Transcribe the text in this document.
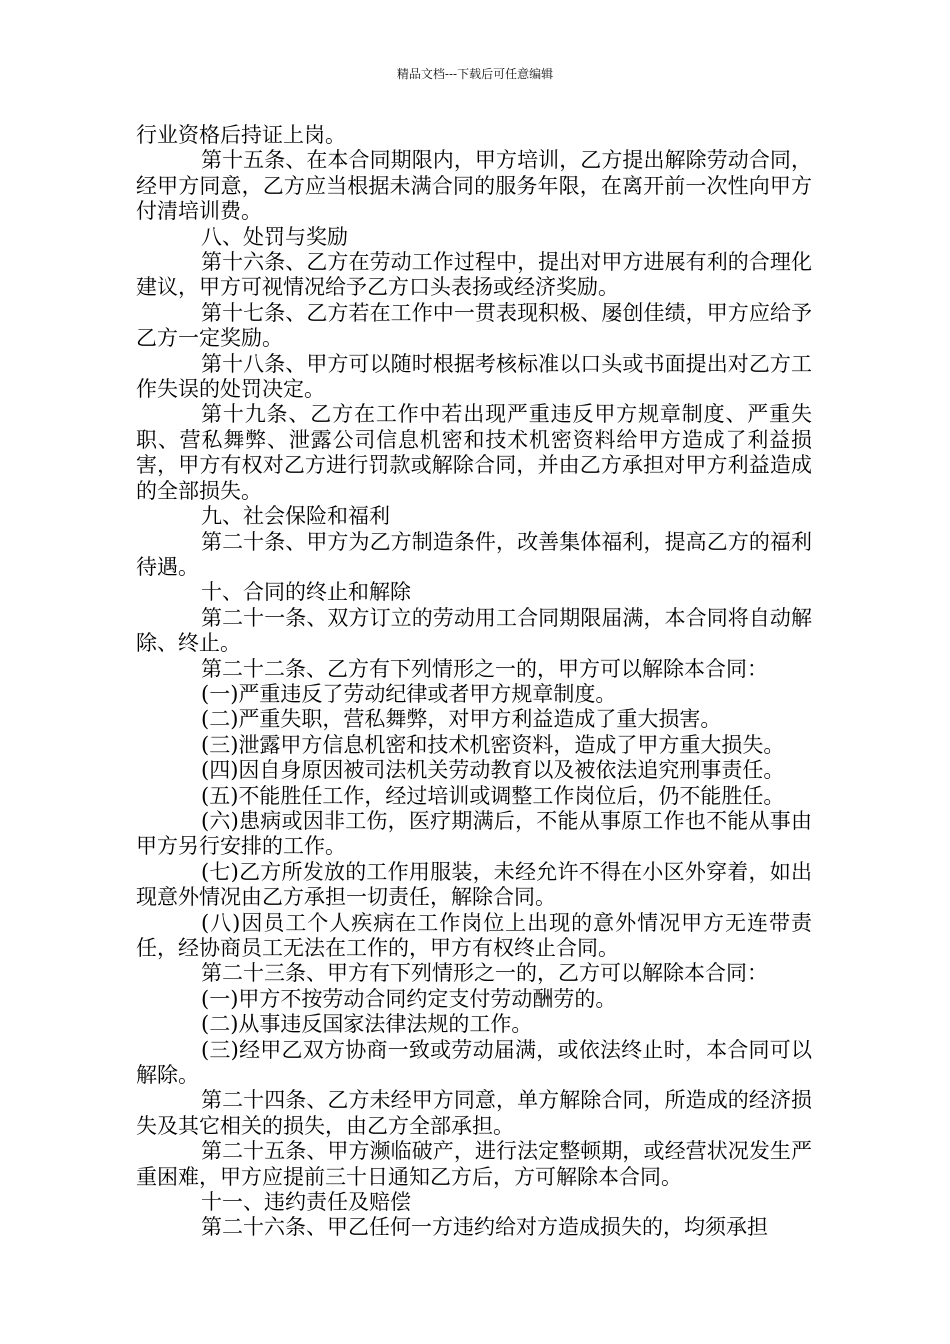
精品文档---下载后可任意编辑

行业资格后持证上岗。

第十五条、在本合同期限内，甲方培训，乙方提出解除劳动合同，经甲方同意，乙方应当根据未满合同的服务年限，在离开前一次性向甲方付清培训费。

八、处罚与奖励

第十六条、乙方在劳动工作过程中，提出对甲方进展有利的合理化建议，甲方可视情况给予乙方口头表扬或经济奖励。

第十七条、乙方若在工作中一贯表现积极、屡创佳绩，甲方应给予乙方一定奖励。

第十八条、甲方可以随时根据考核标准以口头或书面提出对乙方工作失误的处罚决定。

第十九条、乙方在工作中若出现严重违反甲方规章制度、严重失职、营私舞弊、泄露公司信息机密和技术机密资料给甲方造成了利益损害，甲方有权对乙方进行罚款或解除合同，并由乙方承担对甲方利益造成的全部损失。

九、社会保险和福利

第二十条、甲方为乙方制造条件，改善集体福利，提高乙方的福利待遇。

十、合同的终止和解除

第二十一条、双方订立的劳动用工合同期限届满，本合同将自动解除、终止。

第二十二条、乙方有下列情形之一的，甲方可以解除本合同：

(一)严重违反了劳动纪律或者甲方规章制度。

(二)严重失职，营私舞弊，对甲方利益造成了重大损害。

(三)泄露甲方信息机密和技术机密资料，造成了甲方重大损失。

(四)因自身原因被司法机关劳动教育以及被依法追究刑事责任。

(五)不能胜任工作，经过培训或调整工作岗位后，仍不能胜任。

(六)患病或因非工伤，医疗期满后，不能从事原工作也不能从事由甲方另行安排的工作。

(七)乙方所发放的工作用服装，未经允许不得在小区外穿着，如出现意外情况由乙方承担一切责任，解除合同。

(八)因员工个人疾病在工作岗位上出现的意外情况甲方无连带责任，经协商员工无法在工作的，甲方有权终止合同。

第二十三条、甲方有下列情形之一的，乙方可以解除本合同：

(一)甲方不按劳动合同约定支付劳动酬劳的。

(二)从事违反国家法律法规的工作。

(三)经甲乙双方协商一致或劳动届满，或依法终止时，本合同可以解除。

第二十四条、乙方未经甲方同意，单方解除合同，所造成的经济损失及其它相关的损失，由乙方全部承担。

第二十五条、甲方濒临破产，进行法定整顿期，或经营状况发生严重困难，甲方应提前三十日通知乙方后，方可解除本合同。

十一、违约责任及赔偿

第二十六条、甲乙任何一方违约给对方造成损失的，均须承担
